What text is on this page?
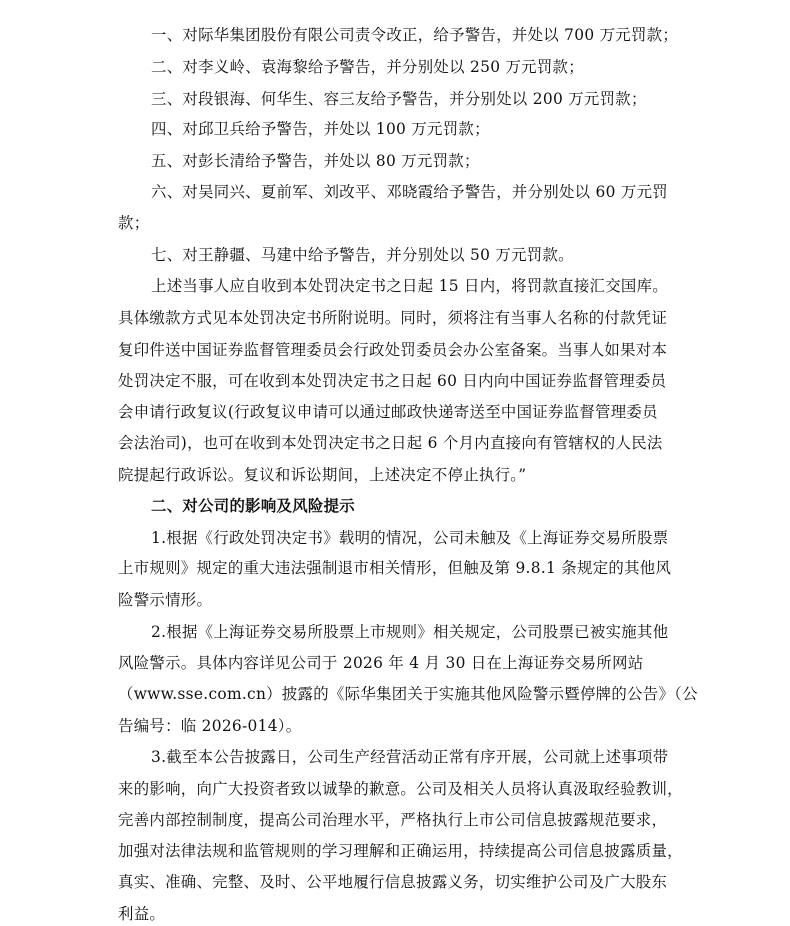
一、对际华集团股份有限公司责令改正，给予警告，并处以 700 万元罚款；
二、对李义岭、袁海黎给予警告，并分别处以 250 万元罚款；
三、对段银海、何华生、容三友给予警告，并分别处以 200 万元罚款；
四、对邱卫兵给予警告，并处以 100 万元罚款；
五、对彭长清给予警告，并处以 80 万元罚款；
六、对吴同兴、夏前军、刘改平、邓晓霞给予警告，并分别处以 60 万元罚
款；
七、对王静疆、马建中给予警告，并分别处以 50 万元罚款。
上述当事人应自收到本处罚决定书之日起 15 日内，将罚款直接汇交国库。
具体缴款方式见本处罚决定书所附说明。同时，须将注有当事人名称的付款凭证
复印件送中国证券监督管理委员会行政处罚委员会办公室备案。当事人如果对本
处罚决定不服，可在收到本处罚决定书之日起 60 日内向中国证券监督管理委员
会申请行政复议(行政复议申请可以通过邮政快递寄送至中国证券监督管理委员
会法治司)，也可在收到本处罚决定书之日起 6 个月内直接向有管辖权的人民法
院提起行政诉讼。复议和诉讼期间，上述决定不停止执行。”
二、对公司的影响及风险提示
1.根据《行政处罚决定书》载明的情况，公司未触及《上海证券交易所股票
上市规则》规定的重大违法强制退市相关情形，但触及第 9.8.1 条规定的其他风
险警示情形。
2.根据《上海证券交易所股票上市规则》相关规定，公司股票已被实施其他
风险警示。具体内容详见公司于 2026 年 4 月 30 日在上海证券交易所网站
（www.sse.com.cn）披露的《际华集团关于实施其他风险警示暨停牌的公告》（公
告编号：临 2026-014）。
3.截至本公告披露日，公司生产经营活动正常有序开展，公司就上述事项带
来的影响，向广大投资者致以诚挚的歉意。公司及相关人员将认真汲取经验教训，
完善内部控制制度，提高公司治理水平，严格执行上市公司信息披露规范要求，
加强对法律法规和监管规则的学习理解和正确运用，持续提高公司信息披露质量，
真实、准确、完整、及时、公平地履行信息披露义务，切实维护公司及广大股东
利益。
